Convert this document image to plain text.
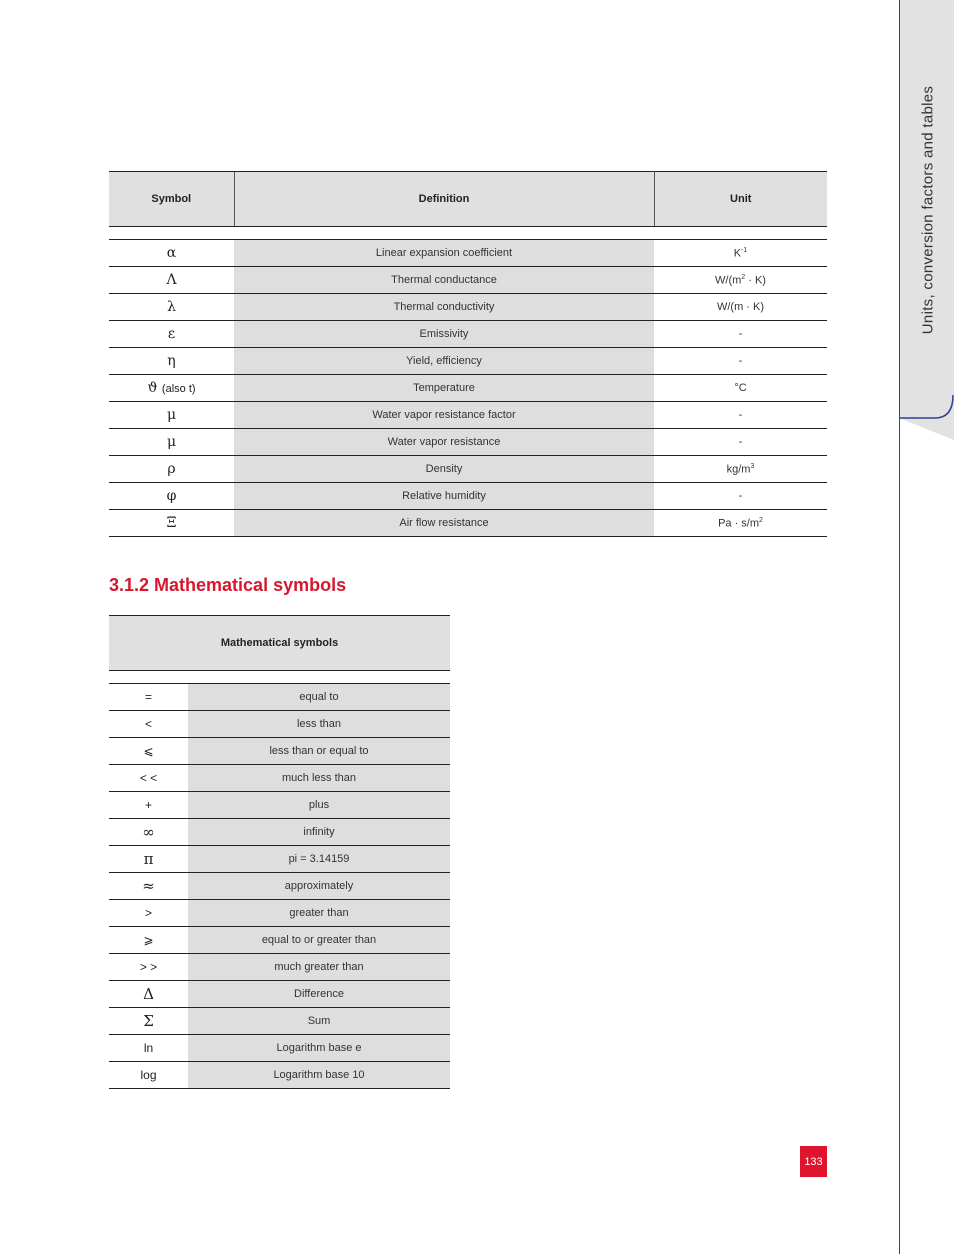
Units, conversion factors and tables
Symbol	Definition	Unit

α	Linear expansion coefficient	$K^{-1}$
Λ	Thermal conductance	$W/(m^2 \cdot K)$
λ	Thermal conductivity	W/(m · K)
ε	Emissivity	-
η	Yield, efficiency	-
ϑ (also t)	Temperature	°C
μ	Water vapor resistance factor	-
μ	Water vapor resistance	-
ρ	Density	$kg/m^3$
φ	Relative humidity	-
Ξ	Air flow resistance	$Pa \cdot s/m^2$
3.1.2 Mathematical symbols
Mathematical symbols	

=	equal to
<	less than
⩽	less than or equal to
< <	much less than
+	plus
∞	infinity
π	pi = 3.14159
≈	approximately
>	greater than
⩾	equal to or greater than
> >	much greater than
Δ	Difference
Σ	Sum
ln	Logarithm base e
log	Logarithm base 10
133
